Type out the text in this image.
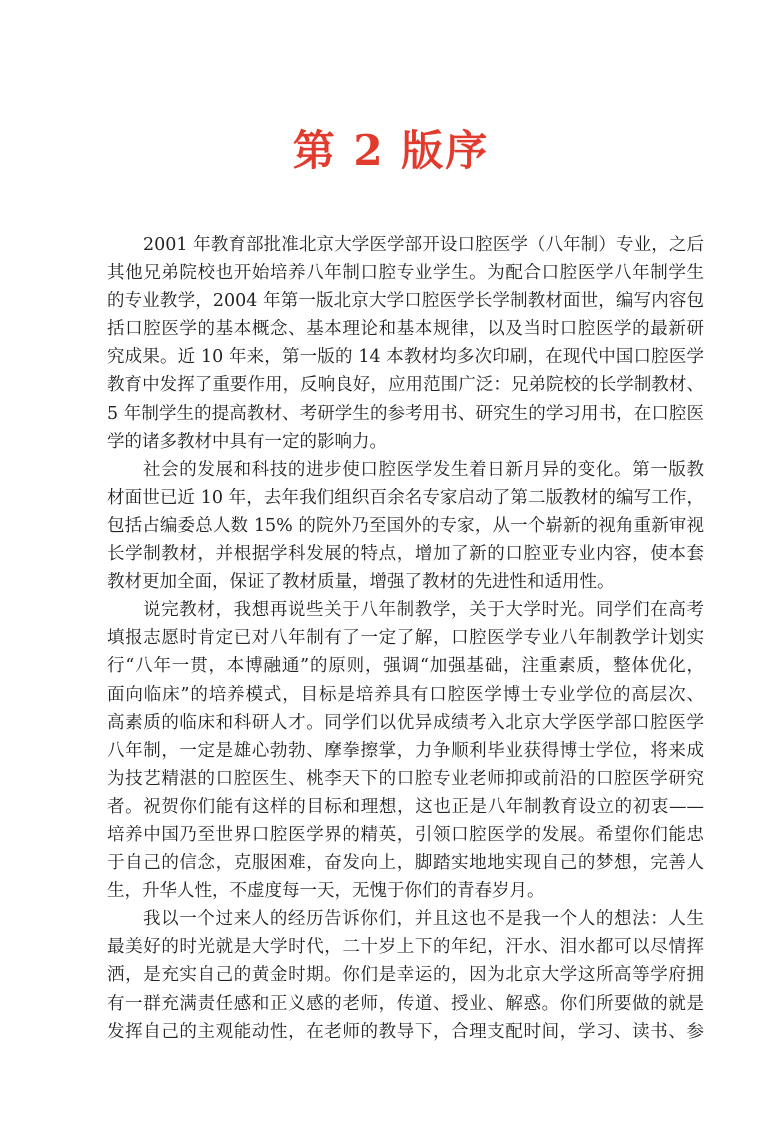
第 2 版序
2001 年教育部批准北京大学医学部开设口腔医学（八年制）专业，之后
其他兄弟院校也开始培养八年制口腔专业学生。为配合口腔医学八年制学生
的专业教学，2004 年第一版北京大学口腔医学长学制教材面世，编写内容包
括口腔医学的基本概念、基本理论和基本规律，以及当时口腔医学的最新研
究成果。近 10 年来，第一版的 14 本教材均多次印刷，在现代中国口腔医学
教育中发挥了重要作用，反响良好，应用范围广泛：兄弟院校的长学制教材、
5 年制学生的提高教材、考研学生的参考用书、研究生的学习用书，在口腔医
学的诸多教材中具有一定的影响力。
社会的发展和科技的进步使口腔医学发生着日新月异的变化。第一版教
材面世已近 10 年，去年我们组织百余名专家启动了第二版教材的编写工作，
包括占编委总人数 15% 的院外乃至国外的专家，从一个崭新的视角重新审视
长学制教材，并根据学科发展的特点，增加了新的口腔亚专业内容，使本套
教材更加全面，保证了教材质量，增强了教材的先进性和适用性。
说完教材，我想再说些关于八年制教学，关于大学时光。同学们在高考
填报志愿时肯定已对八年制有了一定了解，口腔医学专业八年制教学计划实
行“八年一贯，本博融通”的原则，强调“加强基础，注重素质，整体优化，
面向临床”的培养模式，目标是培养具有口腔医学博士专业学位的高层次、
高素质的临床和科研人才。同学们以优异成绩考入北京大学医学部口腔医学
八年制，一定是雄心勃勃、摩拳擦掌，力争顺利毕业获得博士学位，将来成
为技艺精湛的口腔医生、桃李天下的口腔专业老师抑或前沿的口腔医学研究
者。祝贺你们能有这样的目标和理想，这也正是八年制教育设立的初衷——
培养中国乃至世界口腔医学界的精英，引领口腔医学的发展。希望你们能忠
于自己的信念，克服困难，奋发向上，脚踏实地地实现自己的梦想，完善人
生，升华人性，不虚度每一天，无愧于你们的青春岁月。
我以一个过来人的经历告诉你们，并且这也不是我一个人的想法：人生
最美好的时光就是大学时代，二十岁上下的年纪，汗水、泪水都可以尽情挥
洒，是充实自己的黄金时期。你们是幸运的，因为北京大学这所高等学府拥
有一群充满责任感和正义感的老师，传道、授业、解惑。你们所要做的就是
发挥自己的主观能动性，在老师的教导下，合理支配时间，学习、读书、参
